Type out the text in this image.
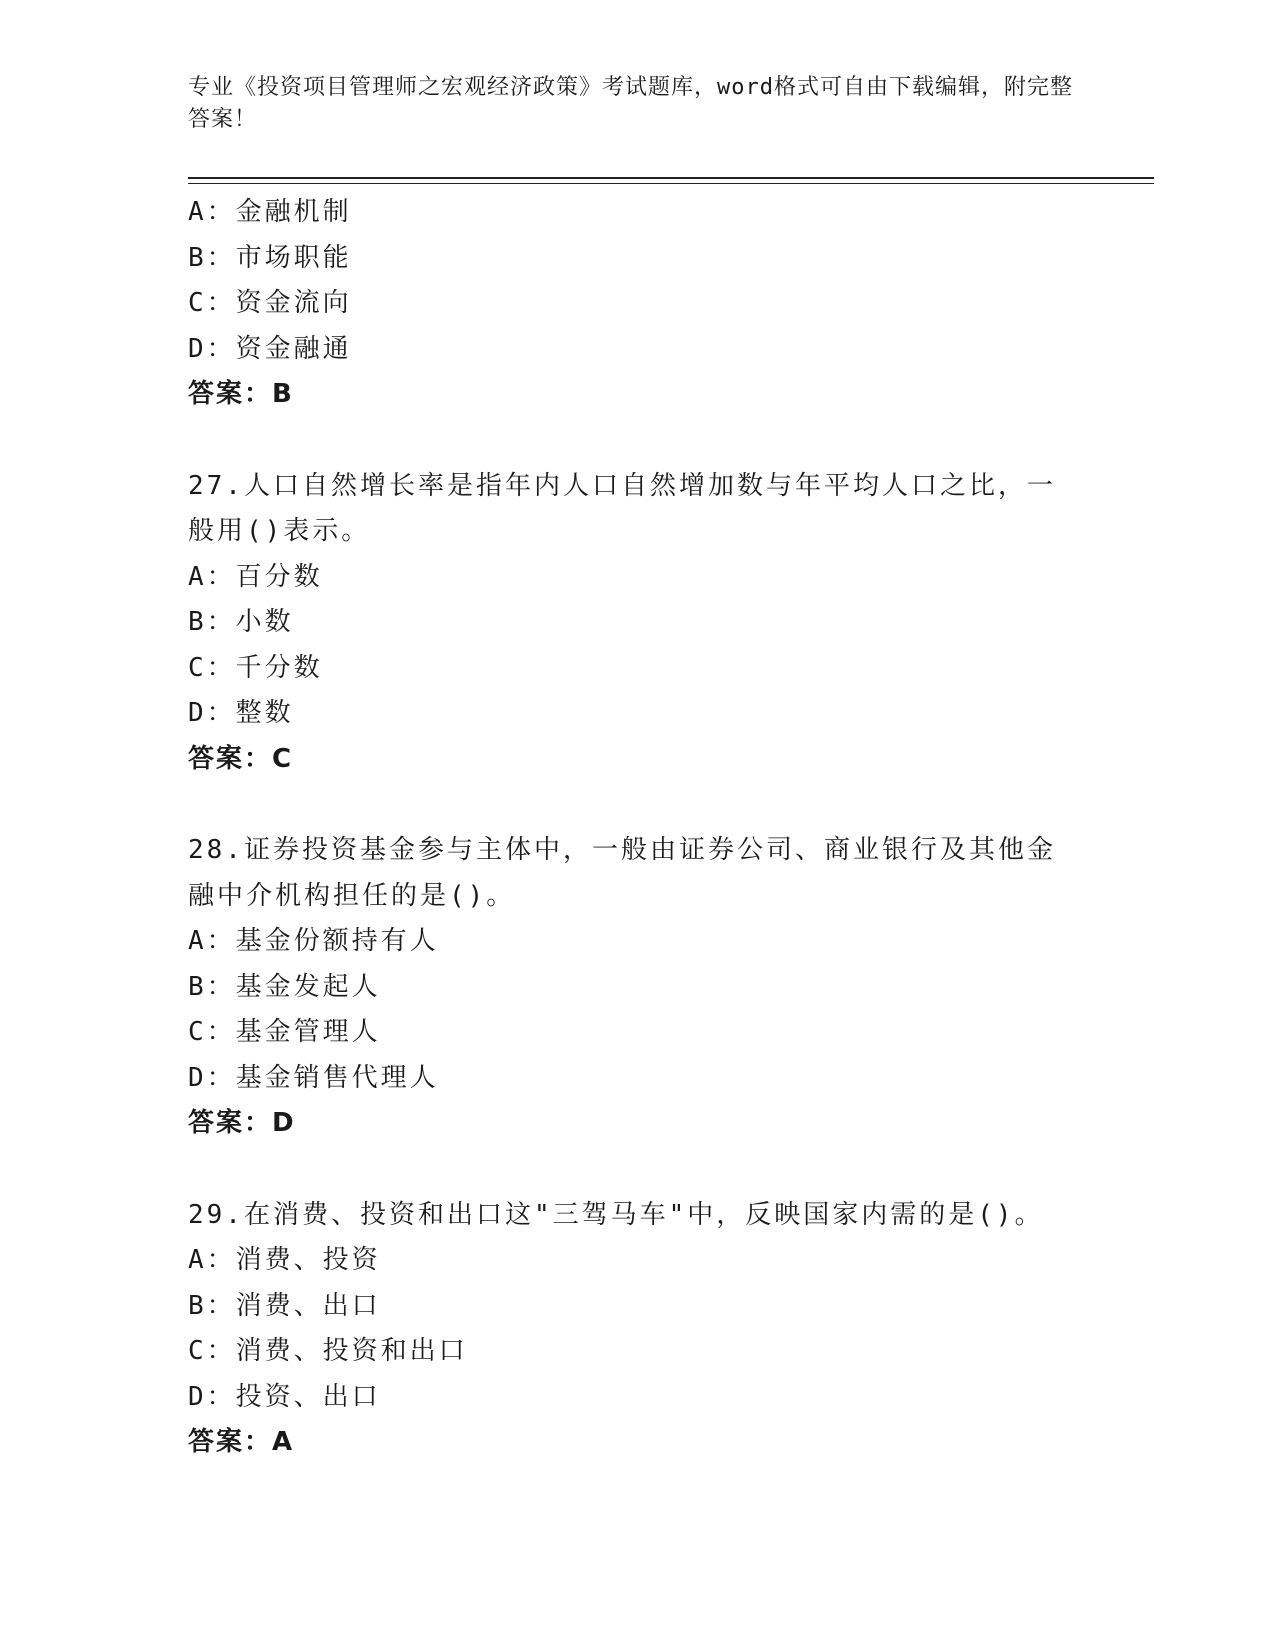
专业《投资项目管理师之宏观经济政策》考试题库，word格式可自由下载编辑，附完整答案！
A：金融机制
B：市场职能
C：资金流向
D：资金融通
答案：B
27.人口自然增长率是指年内人口自然增加数与年平均人口之比，一般用()表示。
A：百分数
B：小数
C：千分数
D：整数
答案：C
28.证券投资基金参与主体中，一般由证券公司、商业银行及其他金融中介机构担任的是()。
A：基金份额持有人
B：基金发起人
C：基金管理人
D：基金销售代理人
答案：D
29.在消费、投资和出口这"三驾马车"中，反映国家内需的是()。
A：消费、投资
B：消费、出口
C：消费、投资和出口
D：投资、出口
答案：A
